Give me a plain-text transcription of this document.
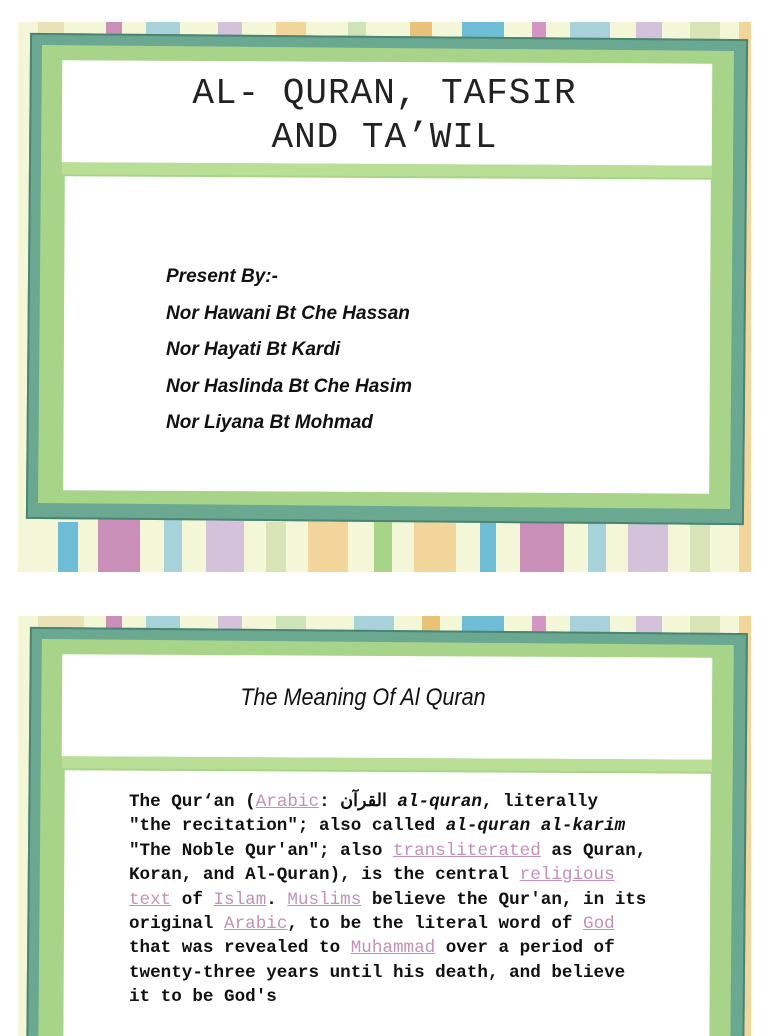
AL- QURAN, TAFSIR
AND TA’WIL
Present By:-
Nor Hawani Bt Che Hassan
Nor Hayati Bt Kardi
Nor Haslinda Bt Che Hasim
Nor Liyana Bt Mohmad
The Meaning Of Al Quran
The Qur‘an (Arabic: القرآن al-quran, literally "the recitation"; also called al-quran al-karim "The Noble Qur'an"; also transliterated as Quran, Koran, and Al-Quran), is the central religious text of Islam. Muslims believe the Qur'an, in its original Arabic, to be the literal word of God that was revealed to Muhammad over a period of twenty-three years until his death, and believe it to be God's
